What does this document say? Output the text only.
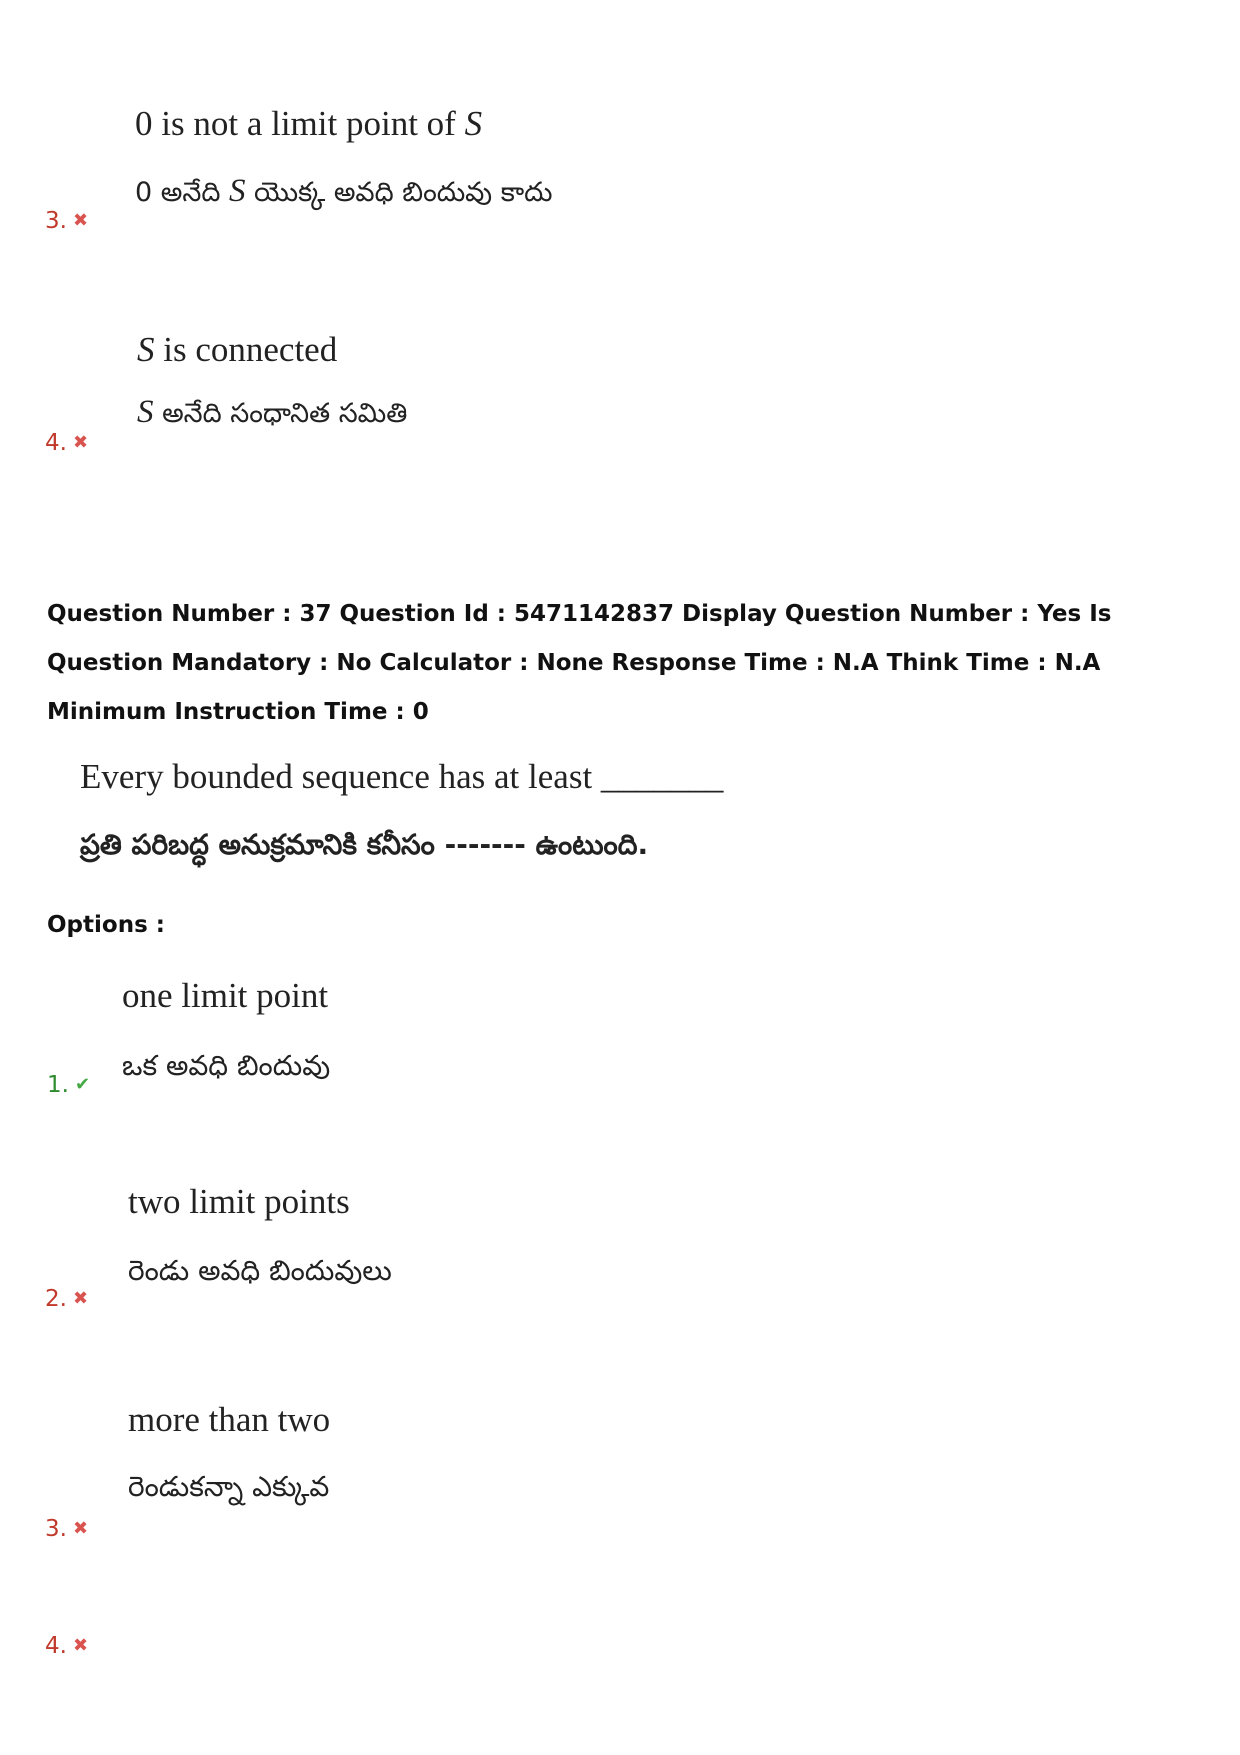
0 is not a limit point of S
0 అనేది S యొక్క అవధి బిందువు కాదు
3. ✖
S is connected
S అనేది సంధానిత సమితి
4. ✖
Question Number : 37 Question Id : 5471142837 Display Question Number : Yes Is Question Mandatory : No Calculator : None Response Time : N.A Think Time : N.A Minimum Instruction Time : 0
Every bounded sequence has at least _______
ప్రతి పరిబద్ధ అనుక్రమానికి కనీసం ------- ఉంటుంది.
Options :
one limit point
ఒక అవధి బిందువు
1. ✔
two limit points
రెండు అవధి బిందువులు
2. ✖
more than two
రెండుకన్నా ఎక్కువ
3. ✖
4. ✖
